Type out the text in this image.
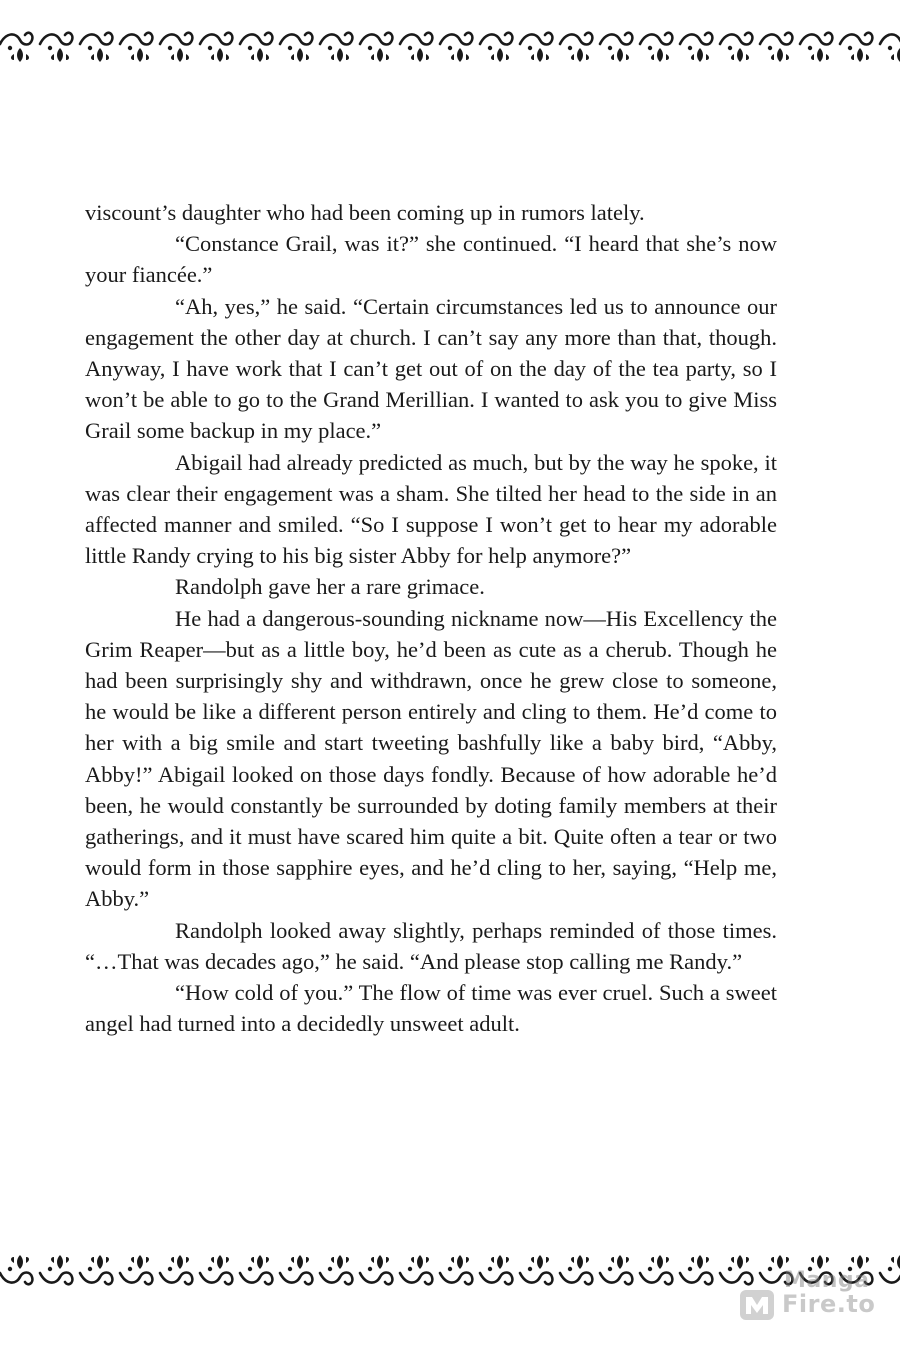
viscount’s daughter who had been coming up in rumors lately.

“Constance Grail, was it?” she continued. “I heard that she’s now your fiancée.”

“Ah, yes,” he said. “Certain circumstances led us to announce our engagement the other day at church. I can’t say any more than that, though. Anyway, I have work that I can’t get out of on the day of the tea party, so I won’t be able to go to the Grand Merillian. I wanted to ask you to give Miss Grail some backup in my place.”

Abigail had already predicted as much, but by the way he spoke, it was clear their engagement was a sham. She tilted her head to the side in an affected manner and smiled. “So I suppose I won’t get to hear my adorable little Randy crying to his big sister Abby for help anymore?”

Randolph gave her a rare grimace.

He had a dangerous-sounding nickname now—His Excellency the Grim Reaper—but as a little boy, he’d been as cute as a cherub. Though he had been surprisingly shy and withdrawn, once he grew close to someone, he would be like a different person entirely and cling to them. He’d come to her with a big smile and start tweeting bashfully like a baby bird, “Abby, Abby!” Abigail looked on those days fondly. Because of how adorable he’d been, he would constantly be surrounded by doting family members at their gatherings, and it must have scared him quite a bit. Quite often a tear or two would form in those sapphire eyes, and he’d cling to her, saying, “Help me, Abby.”

Randolph looked away slightly, perhaps reminded of those times. “…That was decades ago,” he said. “And please stop calling me Randy.”

“How cold of you.” The flow of time was ever cruel. Such a sweet angel had turned into a decidedly unsweet adult.

Manga
Fire.to
